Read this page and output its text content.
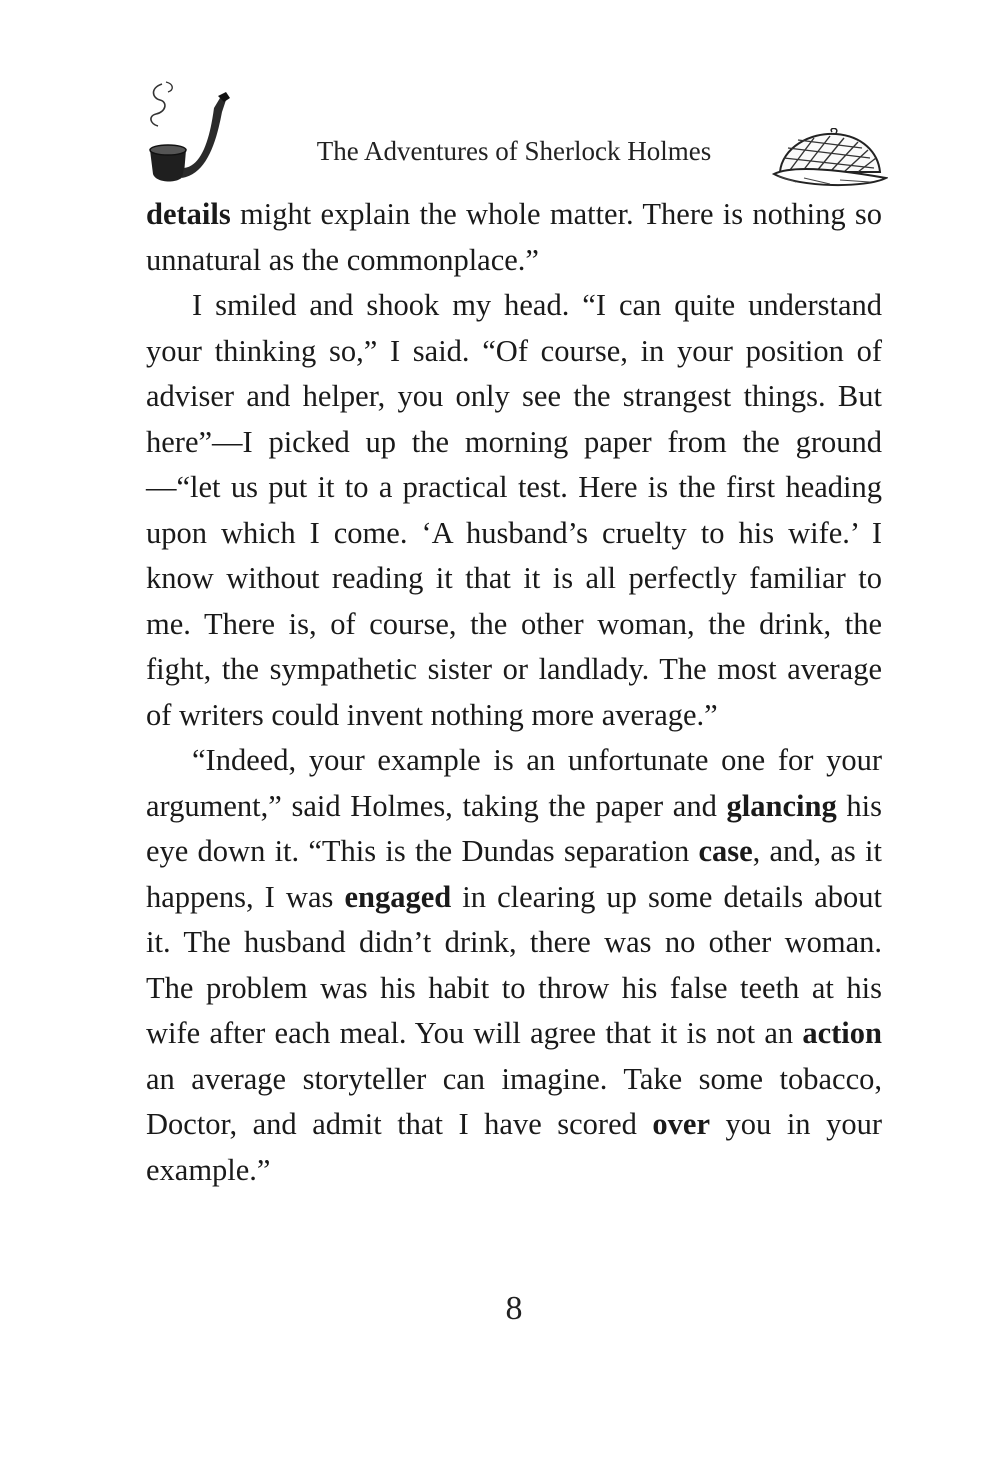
The Adventures of Sherlock Holmes

details might explain the whole matter. There is nothing so unnatural as the commonplace.”

I smiled and shook my head. “I can quite understand your thinking so,” I said. “Of course, in your position of adviser and helper, you only see the strangest things. But here”—I picked up the morning paper from the ground—“let us put it to a practical test. Here is the first heading upon which I come. ‘A husband’s cruelty to his wife.’ I know without reading it that it is all perfectly familiar to me. There is, of course, the other woman, the drink, the fight, the sympathetic sister or landlady. The most average of writers could invent nothing more average.”

“Indeed, your example is an unfortunate one for your argument,” said Holmes, taking the paper and glancing his eye down it. “This is the Dundas separation case, and, as it happens, I was engaged in clearing up some details about it. The husband didn’t drink, there was no other woman. The problem was his habit to throw his false teeth at his wife after each meal. You will agree that it is not an action an average storyteller can imagine. Take some tobacco, Doctor, and admit that I have scored over you in your example.”

8
